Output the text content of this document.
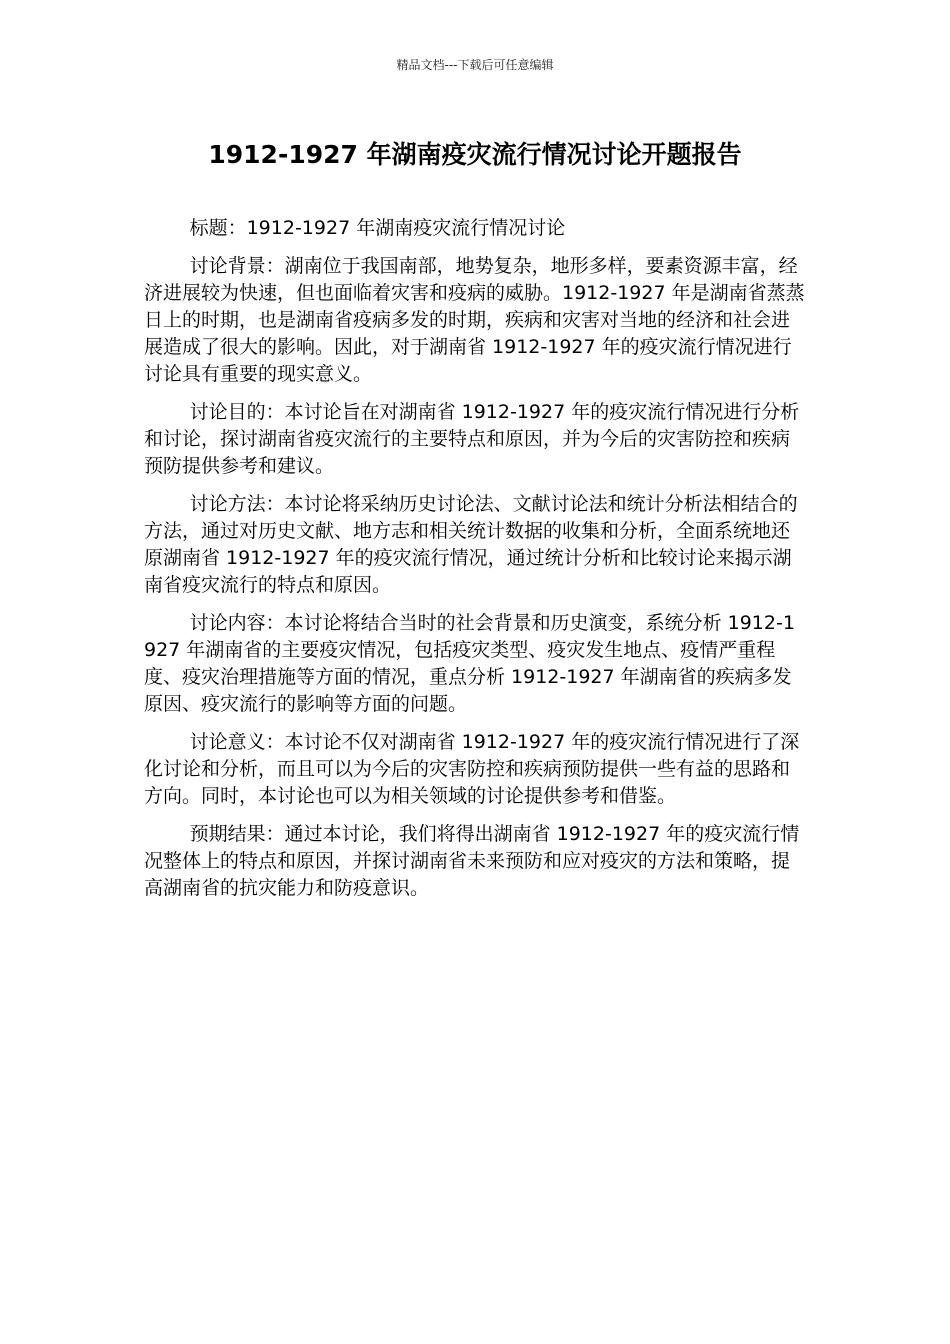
精品文档---下载后可任意编辑
1912-1927 年湖南疫灾流行情况讨论开题报告

标题：1912-1927 年湖南疫灾流行情况讨论

讨论背景：湖南位于我国南部，地势复杂，地形多样，要素资源丰富，经济进展较为快速，但也面临着灾害和疫病的威胁。1912-1927 年是湖南省蒸蒸日上的时期，也是湖南省疫病多发的时期，疾病和灾害对当地的经济和社会进展造成了很大的影响。因此，对于湖南省 1912-1927 年的疫灾流行情况进行讨论具有重要的现实意义。

讨论目的：本讨论旨在对湖南省 1912-1927 年的疫灾流行情况进行分析和讨论，探讨湖南省疫灾流行的主要特点和原因，并为今后的灾害防控和疾病预防提供参考和建议。

讨论方法：本讨论将采纳历史讨论法、文献讨论法和统计分析法相结合的方法，通过对历史文献、地方志和相关统计数据的收集和分析，全面系统地还原湖南省 1912-1927 年的疫灾流行情况，通过统计分析和比较讨论来揭示湖南省疫灾流行的特点和原因。

讨论内容：本讨论将结合当时的社会背景和历史演变，系统分析 1912-1927 年湖南省的主要疫灾情况，包括疫灾类型、疫灾发生地点、疫情严重程度、疫灾治理措施等方面的情况，重点分析 1912-1927 年湖南省的疾病多发原因、疫灾流行的影响等方面的问题。

讨论意义：本讨论不仅对湖南省 1912-1927 年的疫灾流行情况进行了深化讨论和分析，而且可以为今后的灾害防控和疾病预防提供一些有益的思路和方向。同时，本讨论也可以为相关领域的讨论提供参考和借鉴。

预期结果：通过本讨论，我们将得出湖南省 1912-1927 年的疫灾流行情况整体上的特点和原因，并探讨湖南省未来预防和应对疫灾的方法和策略，提高湖南省的抗灾能力和防疫意识。
